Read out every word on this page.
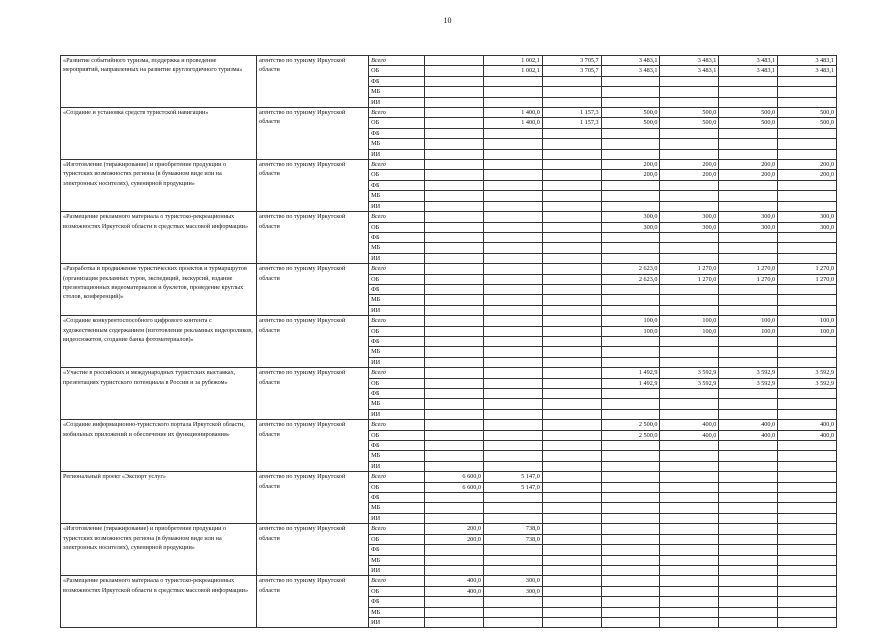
10
«Развитие событийного туризма, поддержка и проведение мероприятий, направленных на развитие круглогодичного туризма»	агентство по туризму Иркутской области	Всего		1 002,1	3 705,7	3 483,1	3 483,1	3 483,1	3 483,1
		ОБ		1 002,1	3 705,7	3 483,1	3 483,1	3 483,1	3 483,1
		ФБ							
		МБ							
		ИИ							
«Создание и установка средств туристской навигации»	агентство по туризму Иркутской области	Всего		1 400,0	1 157,3	500,0	500,0	500,0	500,0
		ОБ		1 400,0	1 157,3	500,0	500,0	500,0	500,0
		ФБ							
		МБ							
		ИИ							
«Изготовление (тиражирование) и приобретение продукции о туристских возможностях региона (в бумажном виде или на электронных носителях), сувенирной продукции»	агентство по туризму Иркутской области	Всего				200,0	200,0	200,0	200,0
		ОБ				200,0	200,0	200,0	200,0
		ФБ							
		МБ							
		ИИ							
«Размещение рекламного материала о туристско-рекреационных возможностях Иркутской области в средствах массовой информации»	агентство по туризму Иркутской области	Всего				300,0	300,0	300,0	300,0
		ОБ				300,0	300,0	300,0	300,0
		ФБ							
		МБ							
		ИИ							
«Разработка и продвижение туристических проектов и турмаршрутов (организация рекламных туров, экспедиций, экскурсий, издание презентационных видеоматериалов и буклетов, проведение круглых столов, конференций)»	агентство по туризму Иркутской области	Всего				2 623,0	1 270,0	1 270,0	1 270,0
		ОБ				2 623,0	1 270,0	1 270,0	1 270,0
		ФБ							
		МБ							
		ИИ							
«Создание конкурентоспособного цифрового контента с художественным содержанием (изготовление рекламных видеороликов, видеосюжетов, создание банка фотоматериалов)»	агентство по туризму Иркутской области	Всего				100,0	100,0	100,0	100,0
		ОБ				100,0	100,0	100,0	100,0
		ФБ							
		МБ							
		ИИ							
«Участие в российских и международных туристских выставках, презентациях туристского потенциала в России и за рубежом»	агентство по туризму Иркутской области	Всего				1 492,9	3 592,9	3 592,9	3 592,9
		ОБ				1 492,9	3 592,9	3 592,9	3 592,9
		ФБ							
		МБ							
		ИИ							
«Создание информационно-туристского портала Иркутской области, мобильных приложений и обеспечение их функционирования»	агентство по туризму Иркутской области	Всего				2 500,0	400,0	400,0	400,0
		ОБ				2 500,0	400,0	400,0	400,0
		ФБ							
		МБ							
		ИИ							
Региональный проект «Экспорт услуг»	агентство по туризму Иркутской области	Всего	6 600,0	5 147,0					
		ОБ	6 600,0	5 147,0					
		ФБ							
		МБ							
		ИИ							
«Изготовление (тиражирование) и приобретение продукции о туристских возможностях региона (в бумажном виде или на электронных носителях), сувенирной продукции»	агентство по туризму Иркутской области	Всего	200,0	738,0					
		ОБ	200,0	738,0					
		ФБ							
		МБ							
		ИИ							
«Размещение рекламного материала о туристско-рекреационных возможностях Иркутской области в средствах массовой информации»	агентство по туризму Иркутской области	Всего	400,0	300,0					
		ОБ	400,0	300,0					
		ФБ							
		МБ							
		ИИ							
